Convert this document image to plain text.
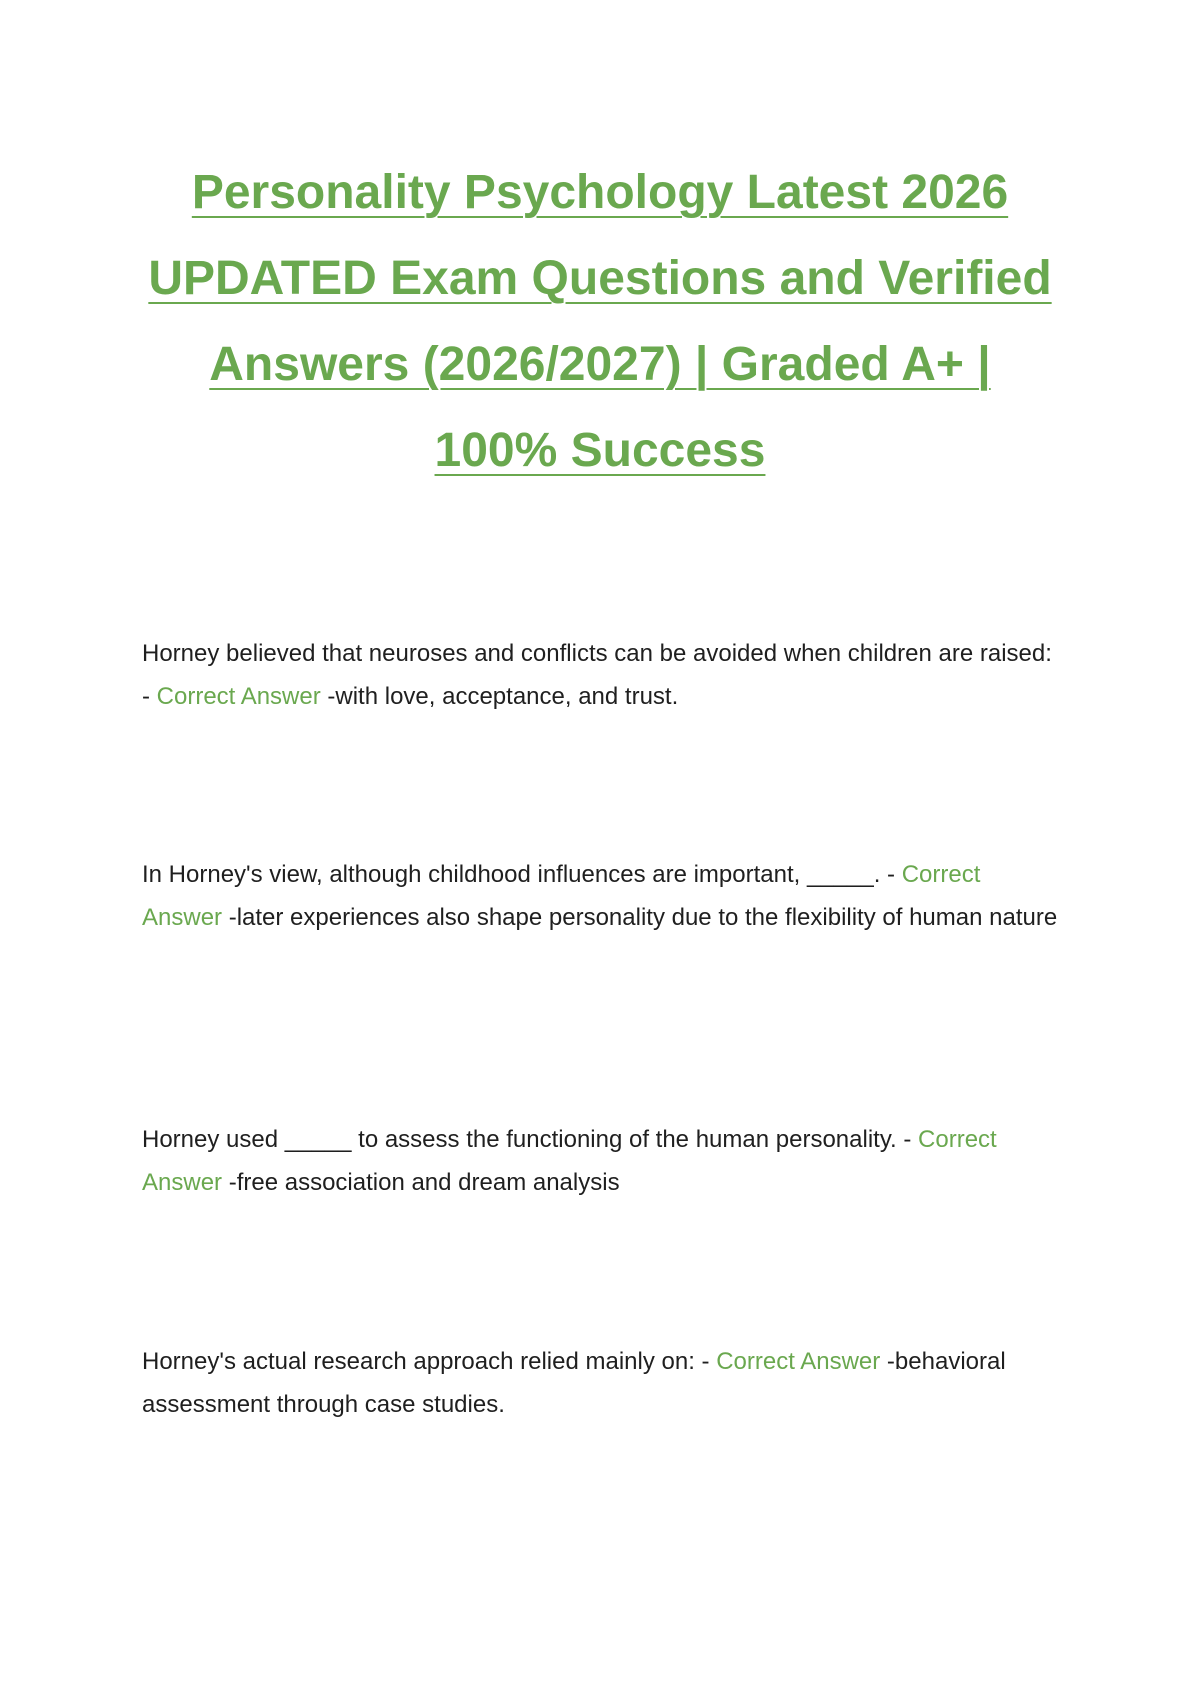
Personality Psychology Latest 2026
UPDATED Exam Questions and Verified
Answers (2026/2027) | Graded A+ |
100% Success

Horney believed that neuroses and conflicts can be avoided when children are raised: - Correct Answer -with love, acceptance, and trust.

In Horney's view, although childhood influences are important, _____. - Correct Answer -later experiences also shape personality due to the flexibility of human nature

Horney used _____ to assess the functioning of the human personality. - Correct Answer -free association and dream analysis

Horney's actual research approach relied mainly on: - Correct Answer -behavioral assessment through case studies.
